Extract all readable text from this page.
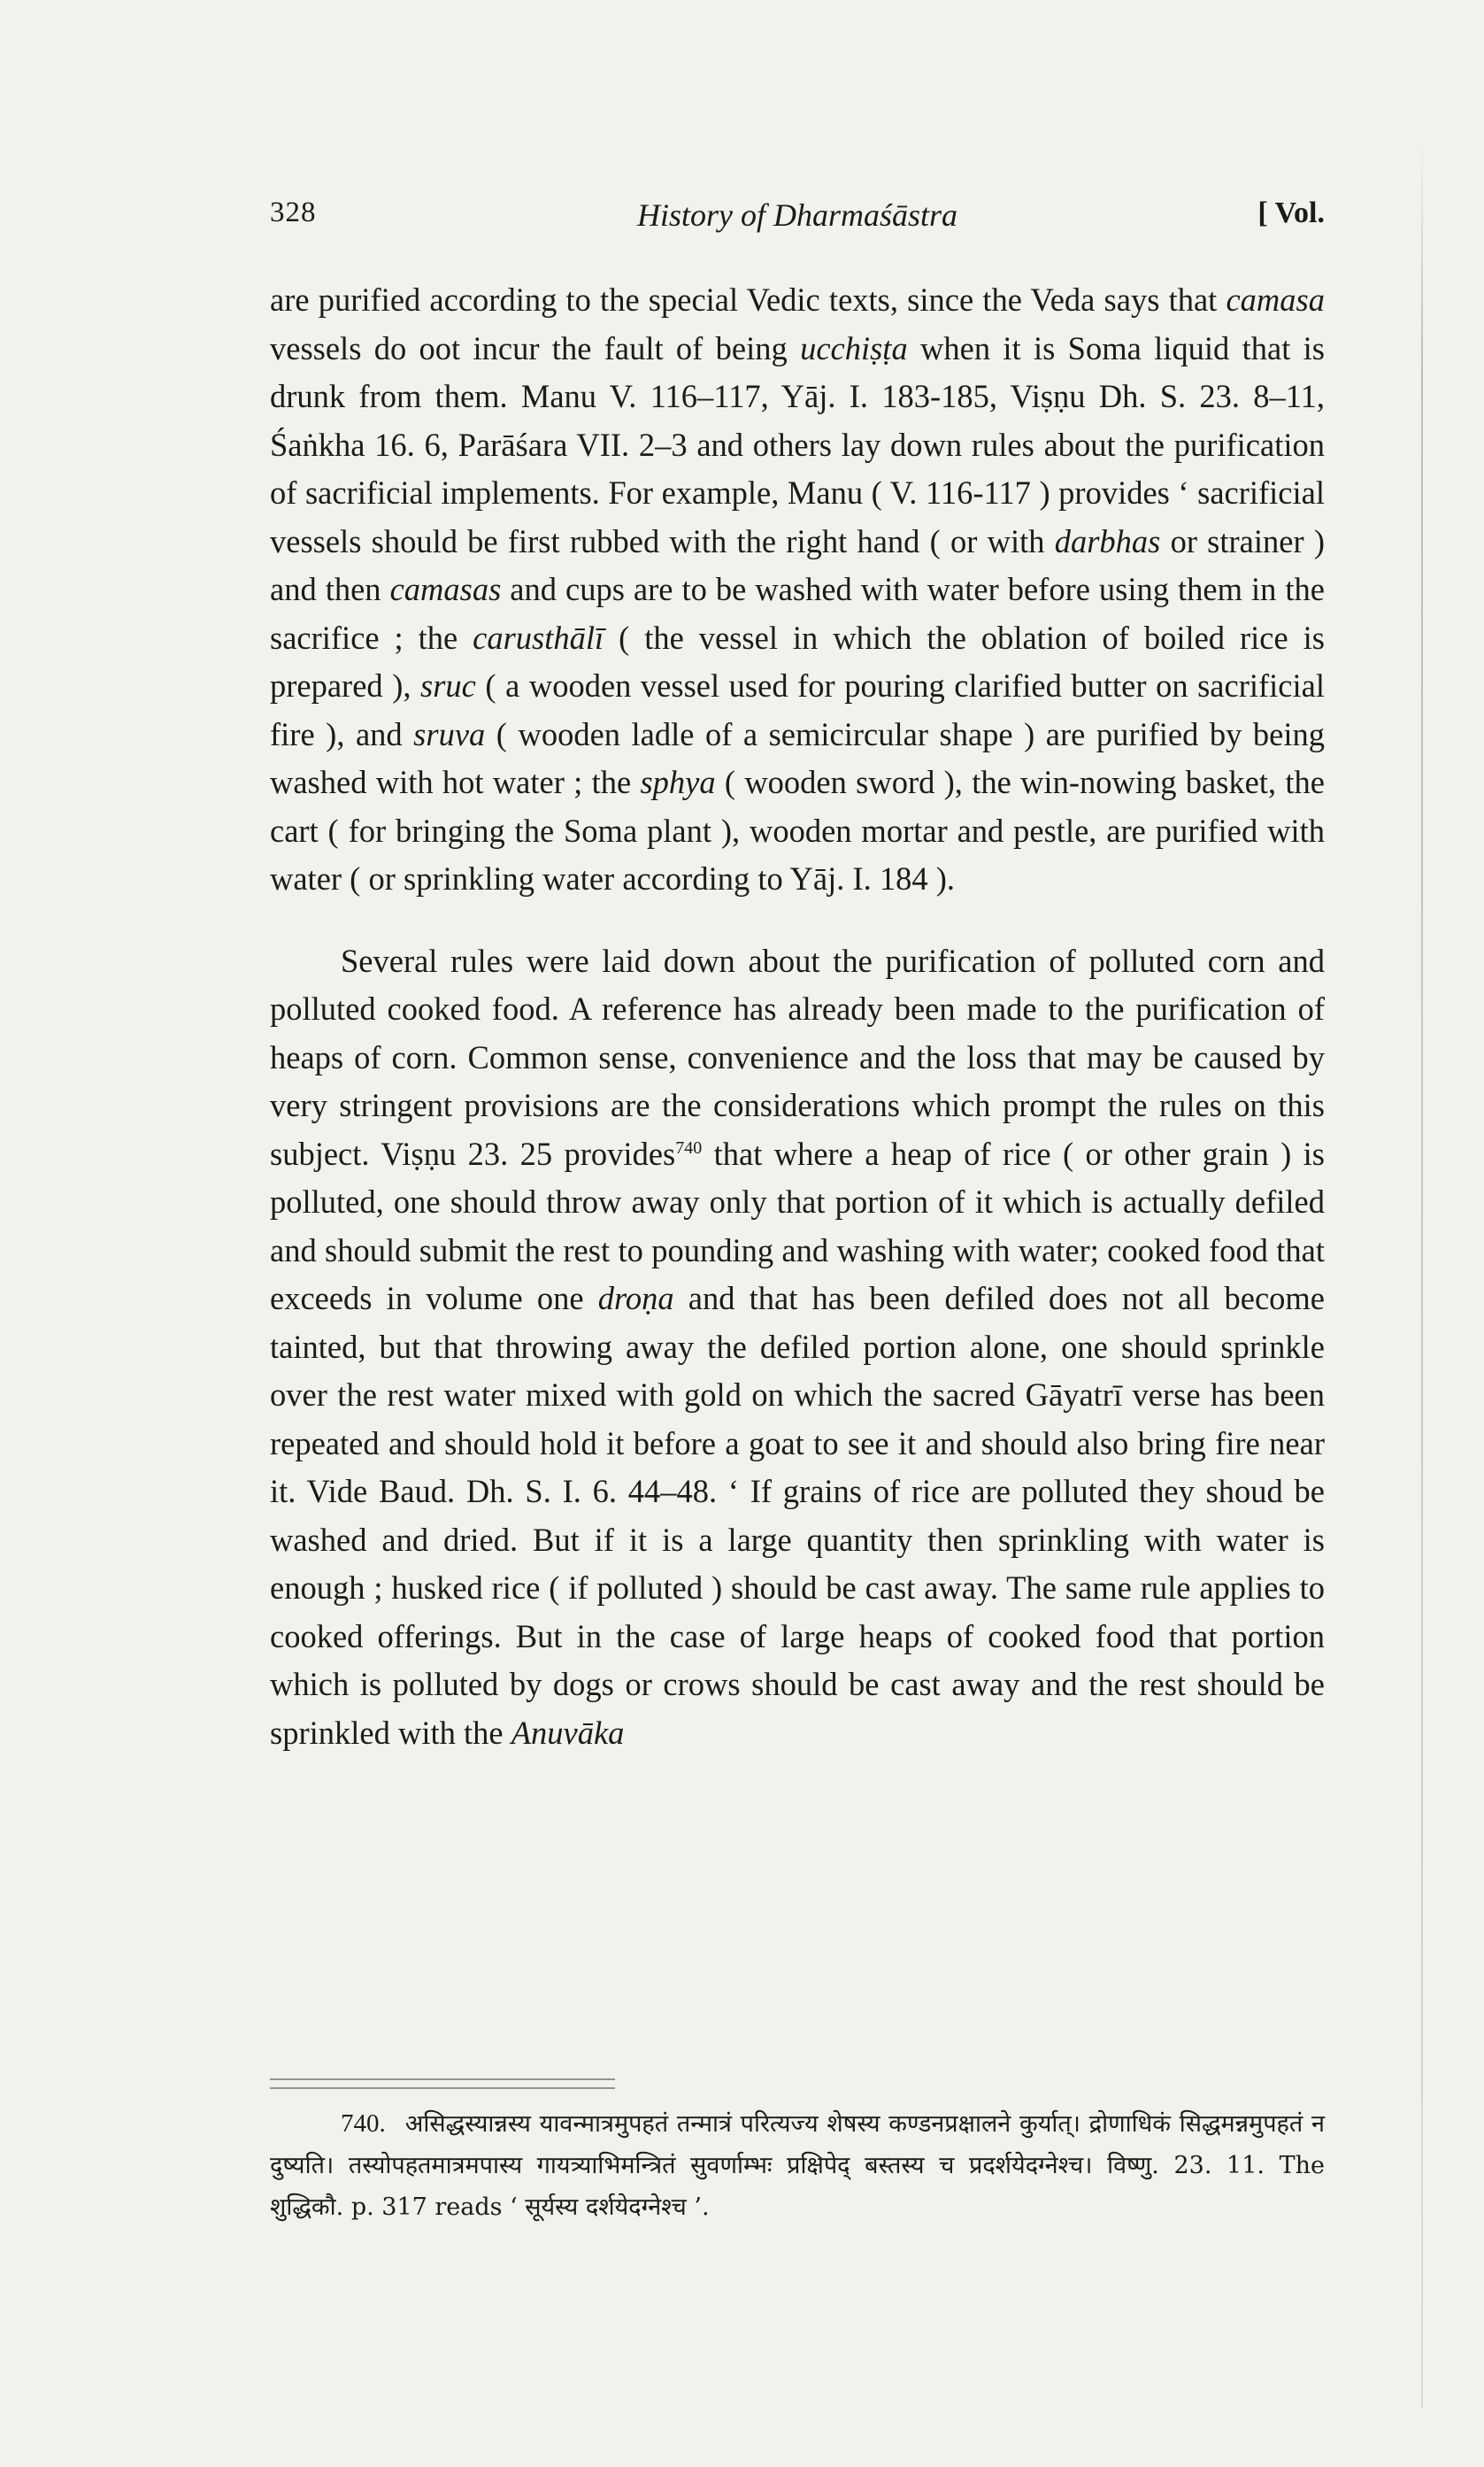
328	History of Dharmaśāstra	[ Vol.

are purified according to the special Vedic texts, since the Veda says that camasa vessels do oot incur the fault of being ucchiṣṭa when it is Soma liquid that is drunk from them. Manu V. 116–117, Yāj. I. 183-185, Viṣṇu Dh. S. 23. 8–11, Śaṅkha 16. 6, Parāśara VII. 2–3 and others lay down rules about the purification of sacrificial implements. For example, Manu ( V. 116-117 ) provides ‘ sacrificial vessels should be first rubbed with the right hand ( or with darbhas or strainer ) and then camasas and cups are to be washed with water before using them in the sacrifice ; the carusthālī ( the vessel in which the oblation of boiled rice is prepared ), sruc ( a wooden vessel used for pouring clarified butter on sacrificial fire ), and sruva ( wooden ladle of a semicircular shape ) are purified by being washed with hot water ; the sphya ( wooden sword ), the win-nowing basket, the cart ( for bringing the Soma plant ), wooden mortar and pestle, are purified with water ( or sprinkling water according to Yāj. I. 184 ).

Several rules were laid down about the purification of polluted corn and polluted cooked food. A reference has already been made to the purification of heaps of corn. Common sense, convenience and the loss that may be caused by very stringent provisions are the considerations which prompt the rules on this subject. Viṣṇu 23. 25 provides$^{740}$ that where a heap of rice ( or other grain ) is polluted, one should throw away only that portion of it which is actually defiled and should submit the rest to pounding and washing with water; cooked food that exceeds in volume one droṇa and that has been defiled does not all become tainted, but that throwing away the defiled portion alone, one should sprinkle over the rest water mixed with gold on which the sacred Gāyatrī verse has been repeated and should hold it before a goat to see it and should also bring fire near it. Vide Baud. Dh. S. I. 6. 44–48. ‘ If grains of rice are polluted they shoud be washed and dried. But if it is a large quantity then sprinkling with water is enough ; husked rice ( if polluted ) should be cast away. The same rule applies to cooked offerings. But in the case of large heaps of cooked food that portion which is polluted by dogs or crows should be cast away and the rest should be sprinkled with the Anuvāka

740. असिद्धस्यान्नस्य यावन्मात्रमुपहतं तन्मात्रं परित्यज्य शेषस्य कण्डनप्रक्षालने कुर्यात्। द्रोणाधिकं सिद्धमन्नमुपहतं न दुष्यति। तस्योपहतमात्रमपास्य गायत्र्याभिमन्त्रितं सुवर्णाम्भः प्रक्षिपेद् बस्तस्य च प्रदर्शयेदग्नेश्च। विष्णु. 23. 11. The शुद्धिकौ. p. 317 reads ‘ सूर्यस्य दर्शयेदग्नेश्च ’.
